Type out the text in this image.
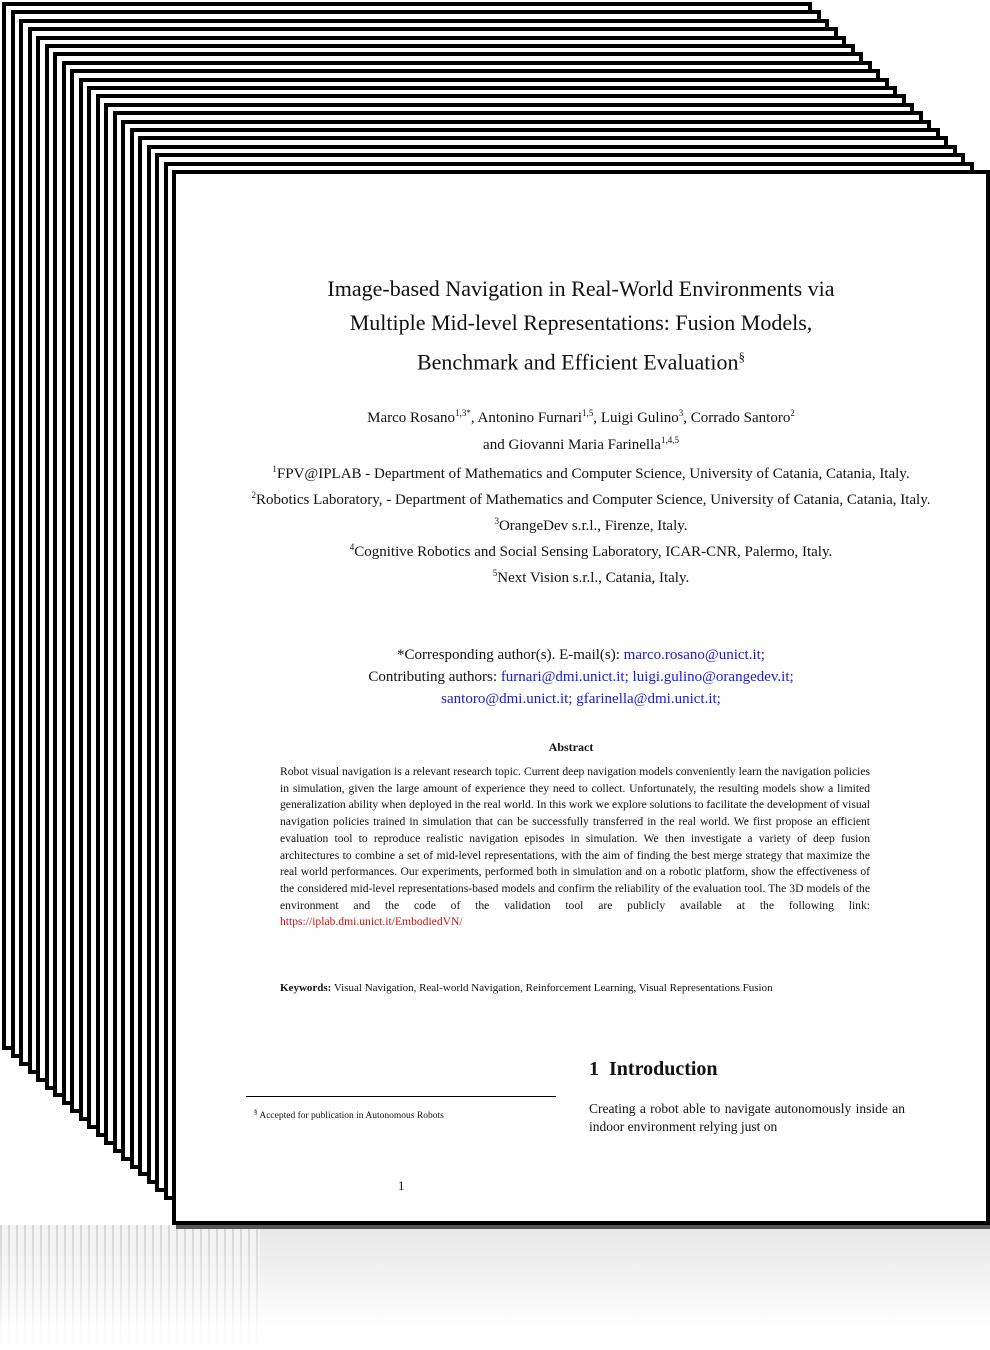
Image-based Navigation in Real-World Environments via
Multiple Mid-level Representations: Fusion Models,
Benchmark and Efficient Evaluation§
Marco Rosano$^{1,3*}$, Antonino Furnari$^{1,5}$, Luigi Gulino$^3$, Corrado Santoro$^2$
and Giovanni Maria Farinella$^{1,4,5}$
$^1$FPV@IPLAB - Department of Mathematics and Computer Science, University of Catania, Catania, Italy.
$^2$Robotics Laboratory, - Department of Mathematics and Computer Science, University of Catania, Catania, Italy.
$^3$OrangeDev s.r.l., Firenze, Italy.
$^4$Cognitive Robotics and Social Sensing Laboratory, ICAR-CNR, Palermo, Italy.
$^5$Next Vision s.r.l., Catania, Italy.
*Corresponding author(s). E-mail(s): marco.rosano@unict.it;
Contributing authors: furnari@dmi.unict.it; luigi.gulino@orangedev.it;
santoro@dmi.unict.it; gfarinella@dmi.unict.it;
Abstract
Robot visual navigation is a relevant research topic. Current deep navigation models conveniently learn the navigation policies in simulation, given the large amount of experience they need to collect. Unfortunately, the resulting models show a limited generalization ability when deployed in the real world. In this work we explore solutions to facilitate the development of visual navigation policies trained in simulation that can be successfully transferred in the real world. We first propose an efficient evaluation tool to reproduce realistic navigation episodes in simulation. We then investigate a variety of deep fusion architectures to combine a set of mid-level representations, with the aim of finding the best merge strategy that maximize the real world performances. Our experiments, performed both in simulation and on a robotic platform, show the effectiveness of the considered mid-level representations-based models and confirm the reliability of the evaluation tool. The 3D models of the environment and the code of the validation tool are publicly available at the following link: https://iplab.dmi.unict.it/EmbodiedVN/
Keywords: Visual Navigation, Real-world Navigation, Reinforcement Learning, Visual Representations Fusion
§ Accepted for publication in Autonomous Robots
1 Introduction
Creating a robot able to navigate autonomously inside an indoor environment relying just on
1
